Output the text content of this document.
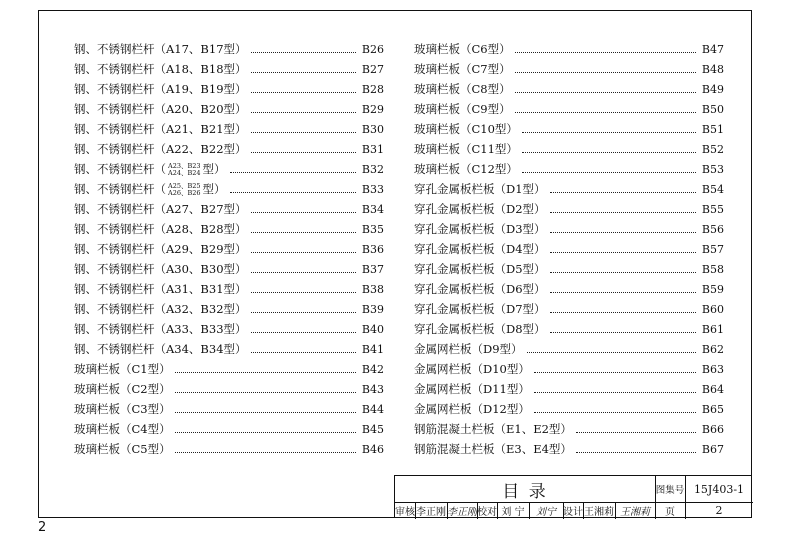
钢、不锈钢栏杆（A17、B17型）	B26
钢、不锈钢栏杆（A18、B18型）	B27
钢、不锈钢栏杆（A19、B19型）	B28
钢、不锈钢栏杆（A20、B20型）	B29
钢、不锈钢栏杆（A21、B21型）	B30
钢、不锈钢栏杆（A22、B22型）	B31
钢、不锈钢栏杆（ A23、B23
A24、B24 型）	B32
钢、不锈钢栏杆（ A25、B25
A26、B26 型）	B33
钢、不锈钢栏杆（A27、B27型）	B34
钢、不锈钢栏杆（A28、B28型）	B35
钢、不锈钢栏杆（A29、B29型）	B36
钢、不锈钢栏杆（A30、B30型）	B37
钢、不锈钢栏杆（A31、B31型）	B38
钢、不锈钢栏杆（A32、B32型）	B39
钢、不锈钢栏杆（A33、B33型）	B40
钢、不锈钢栏杆（A34、B34型）	B41
玻璃栏板（C1型）	B42
玻璃栏板（C2型）	B43
玻璃栏板（C3型）	B44
玻璃栏板（C4型）	B45
玻璃栏板（C5型）	B46
玻璃栏板（C6型）	B47
玻璃栏板（C7型）	B48
玻璃栏板（C8型）	B49
玻璃栏板（C9型）	B50
玻璃栏板（C10型）	B51
玻璃栏板（C11型）	B52
玻璃栏板（C12型）	B53
穿孔金属板栏板（D1型）	B54
穿孔金属板栏板（D2型）	B55
穿孔金属板栏板（D3型）	B56
穿孔金属板栏板（D4型）	B57
穿孔金属板栏板（D5型）	B58
穿孔金属板栏板（D6型）	B59
穿孔金属板栏板（D7型）	B60
穿孔金属板栏板（D8型）	B61
金属网栏板（D9型）	B62
金属网栏板（D10型）	B63
金属网栏板（D11型）	B64
金属网栏板（D12型）	B65
钢筋混凝土栏板（E1、E2型）	B66
钢筋混凝土栏板（E3、E4型）	B67
目 录	图集号 15J403-1
审核 李正刚 李正刚 校对 刘 宁	刘宁 设计 王湘莉 王湘莉	页	2
2
